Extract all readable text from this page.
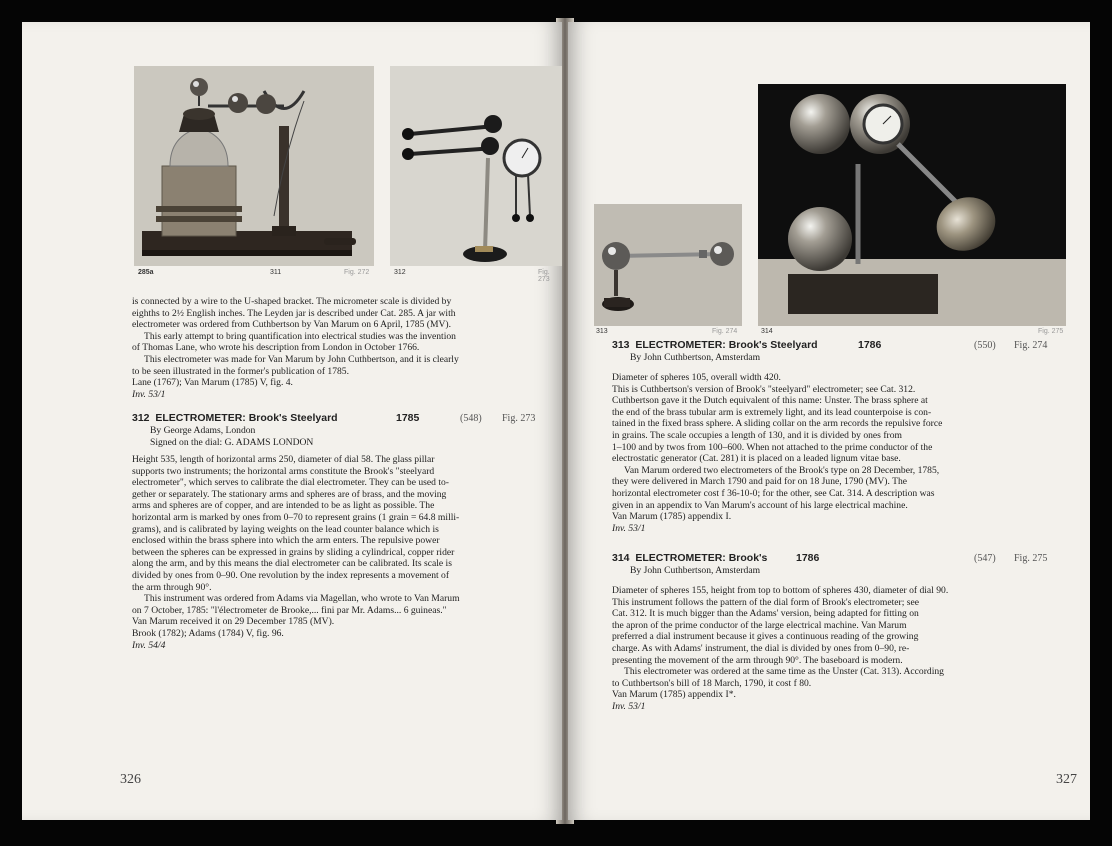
285a	311	Fig. 272	312	Fig. 273
is connected by a wire to the U-shaped bracket. The micrometer scale is divided by
eighths to 2½ English inches. The Leyden jar is described under Cat. 285. A jar with
electrometer was ordered from Cuthbertson by Van Marum on 6 April, 1785 (MV).
This early attempt to bring quantification into electrical studies was the invention
of Thomas Lane, who wrote his description from London in October 1766.
This electrometer was made for Van Marum by John Cuthbertson, and it is clearly
to be seen illustrated in the former's publication of 1785.
Lane (1767); Van Marum (1785) V, fig. 4.
Inv. 53/1
312 ELECTROMETER: Brook's Steelyard	1785	(548) Fig. 273
By George Adams, London
Signed on the dial: G. ADAMS LONDON
Height 535, length of horizontal arms 250, diameter of dial 58. The glass pillar
supports two instruments; the horizontal arms constitute the Brook's "steelyard
electrometer", which serves to calibrate the dial electrometer. They can be used to-
gether or separately. The stationary arms and spheres are of brass, and the moving
arms and spheres are of copper, and are intended to be as light as possible. The
horizontal arm is marked by ones from 0–70 to represent grains (1 grain = 64.8 milli-
grams), and is calibrated by laying weights on the lead counter balance which is
enclosed within the brass sphere into which the arm enters. The repulsive power
between the spheres can be expressed in grains by sliding a cylindrical, copper rider
along the arm, and by this means the dial electrometer can be calibrated. Its scale is
divided by ones from 0–90. One revolution by the index represents a movement of
the arm through 90°.
This instrument was ordered from Adams via Magellan, who wrote to Van Marum
on 7 October, 1785: "l'électrometer de Brooke,... fini par Mr. Adams... 6 guineas."
Van Marum received it on 29 December 1785 (MV).
Brook (1782); Adams (1784) V, fig. 96.
Inv. 54/4
326
313	Fig. 274	314	Fig. 275
313 ELECTROMETER: Brook's Steelyard	1786	(550) Fig. 274
By John Cuthbertson, Amsterdam
Diameter of spheres 105, overall width 420.
This is Cuthbertson's version of Brook's "steelyard" electrometer; see Cat. 312.
Cuthbertson gave it the Dutch equivalent of this name: Unster. The brass sphere at
the end of the brass tubular arm is extremely light, and its lead counterpoise is con-
tained in the fixed brass sphere. A sliding collar on the arm records the repulsive force
in grains. The scale occupies a length of 130, and it is divided by ones from
1–100 and by twos from 100–600. When not attached to the prime conductor of the
electrostatic generator (Cat. 281) it is placed on a leaded lignum vitae base.
Van Marum ordered two electrometers of the Brook's type on 28 December, 1785,
they were delivered in March 1790 and paid for on 18 June, 1790 (MV). The
horizontal electrometer cost f 36-10-0; for the other, see Cat. 314. A description was
given in an appendix to Van Marum's account of his large electrical machine.
Van Marum (1785) appendix I.
Inv. 53/1
314 ELECTROMETER: Brook's	1786	(547) Fig. 275
By John Cuthbertson, Amsterdam
Diameter of spheres 155, height from top to bottom of spheres 430, diameter of dial 90.
This instrument follows the pattern of the dial form of Brook's electrometer; see
Cat. 312. It is much bigger than the Adams' version, being adapted for fitting on
the apron of the prime conductor of the large electrical machine. Van Marum
preferred a dial instrument because it gives a continuous reading of the growing
charge. As with Adams' instrument, the dial is divided by ones from 0–90, re-
presenting the movement of the arm through 90°. The baseboard is modern.
This electrometer was ordered at the same time as the Unster (Cat. 313). According
to Cuthbertson's bill of 18 March, 1790, it cost f 80.
Van Marum (1785) appendix I*.
Inv. 53/1
327
